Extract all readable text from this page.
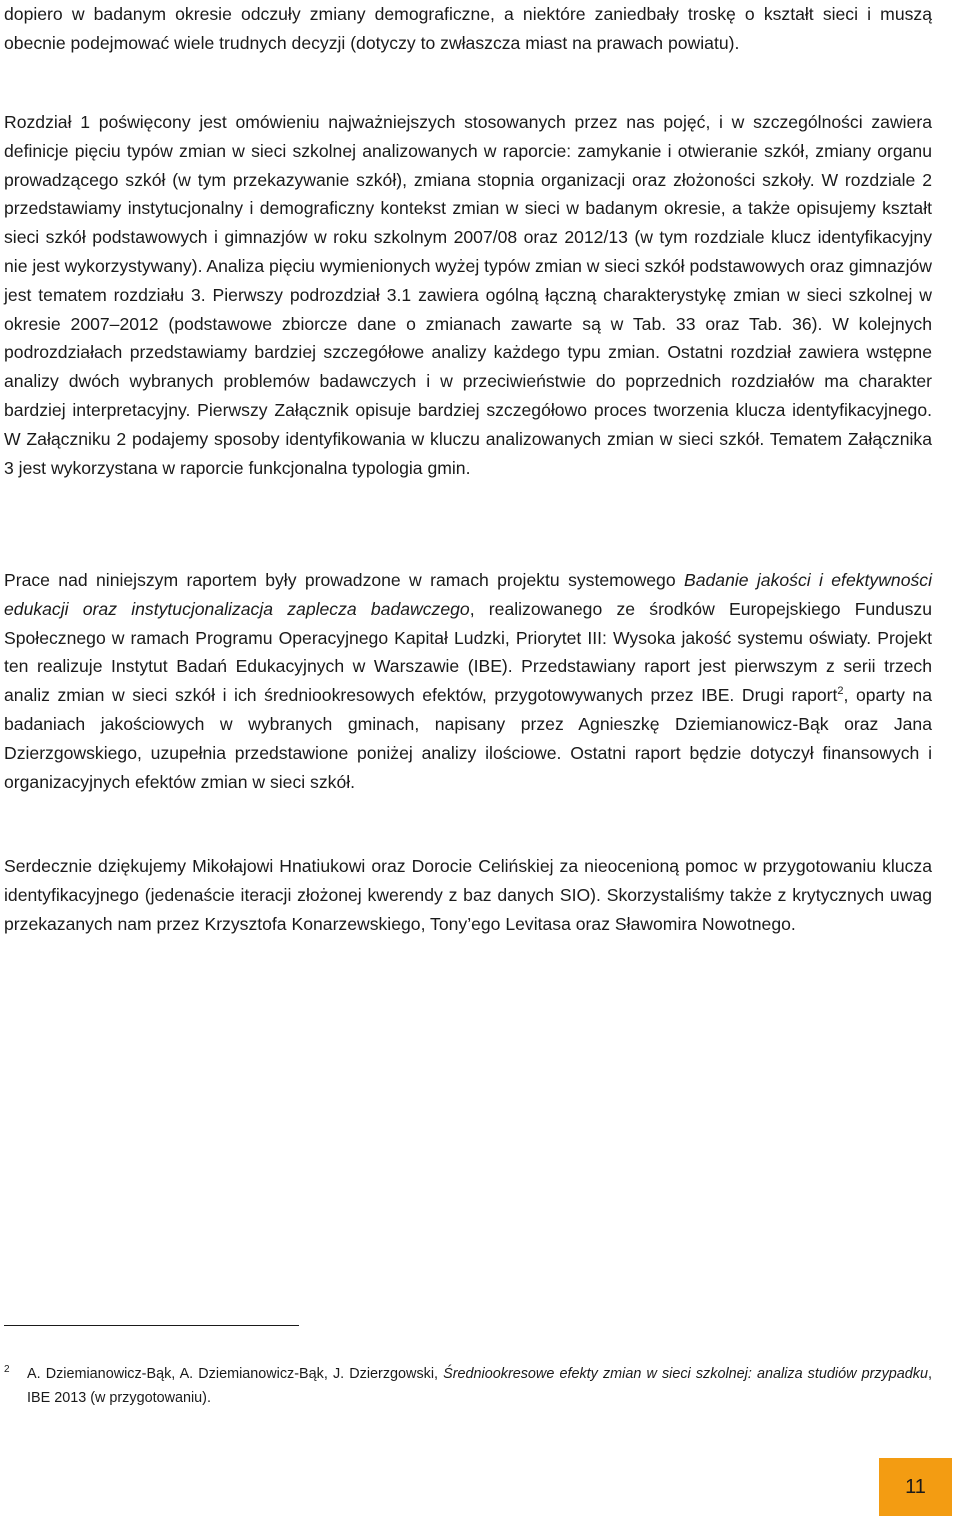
dopiero w badanym okresie odczuły zmiany demograficzne, a niektóre zaniedbały troskę o kształt sieci i muszą obecnie podejmować wiele trudnych decyzji (dotyczy to zwłaszcza miast na prawach powiatu).

Rozdział 1 poświęcony jest omówieniu najważniejszych stosowanych przez nas pojęć, i w szczególności zawiera definicje pięciu typów zmian w sieci szkolnej analizowanych w raporcie: zamykanie i otwieranie szkół, zmiany organu prowadzącego szkół (w tym przekazywanie szkół), zmiana stopnia organizacji oraz złożoności szkoły. W rozdziale 2 przedstawiamy instytucjonalny i demograficzny kontekst zmian w sieci w badanym okresie, a także opisujemy kształt sieci szkół podstawowych i gimnazjów w roku szkolnym 2007/08 oraz 2012/13 (w tym rozdziale klucz identyfikacyjny nie jest wykorzystywany). Analiza pięciu wymienionych wyżej typów zmian w sieci szkół podstawowych oraz gimnazjów jest tematem rozdziału 3. Pierwszy podrozdział 3.1 zawiera ogólną łączną charakterystykę zmian w sieci szkolnej w okresie 2007–2012 (podstawowe zbiorcze dane o zmianach zawarte są w Tab. 33 oraz Tab. 36). W kolejnych podrozdziałach przedstawiamy bardziej szczegółowe analizy każdego typu zmian. Ostatni rozdział zawiera wstępne analizy dwóch wybranych problemów badawczych i w przeciwieństwie do poprzednich rozdziałów ma charakter bardziej interpretacyjny. Pierwszy Załącznik opisuje bardziej szczegółowo proces tworzenia klucza identyfikacyjnego. W Załączniku 2 podajemy sposoby identyfikowania w kluczu analizowanych zmian w sieci szkół. Tematem Załącznika 3 jest wykorzystana w raporcie funkcjonalna typologia gmin.

Prace nad niniejszym raportem były prowadzone w ramach projektu systemowego Badanie jakości i efektywności edukacji oraz instytucjonalizacja zaplecza badawczego, realizowanego ze środków Europejskiego Funduszu Społecznego w ramach Programu Operacyjnego Kapitał Ludzki, Priorytet III: Wysoka jakość systemu oświaty. Projekt ten realizuje Instytut Badań Edukacyjnych w Warszawie (IBE). Przedstawiany raport jest pierwszym z serii trzech analiz zmian w sieci szkół i ich średniookresowych efektów, przygotowywanych przez IBE. Drugi raport$^2$, oparty na badaniach jakościowych w wybranych gminach, napisany przez Agnieszkę Dziemianowicz-Bąk oraz Jana Dzierzgowskiego, uzupełnia przedstawione poniżej analizy ilościowe. Ostatni raport będzie dotyczył finansowych i organizacyjnych efektów zmian w sieci szkół.

Serdecznie dziękujemy Mikołajowi Hnatiukowi oraz Dorocie Celińskiej za nieocenioną pomoc w przygotowaniu klucza identyfikacyjnego (jedenaście iteracji złożonej kwerendy z baz danych SIO). Skorzystaliśmy także z krytycznych uwag przekazanych nam przez Krzysztofa Konarzewskiego, Tony’ego Levitasa oraz Sławomira Nowotnego.

2 A. Dziemianowicz-Bąk, A. Dziemianowicz-Bąk, J. Dzierzgowski, Średniookresowe efekty zmian w sieci szkolnej: analiza studiów przypadku, IBE 2013 (w przygotowaniu).
11
